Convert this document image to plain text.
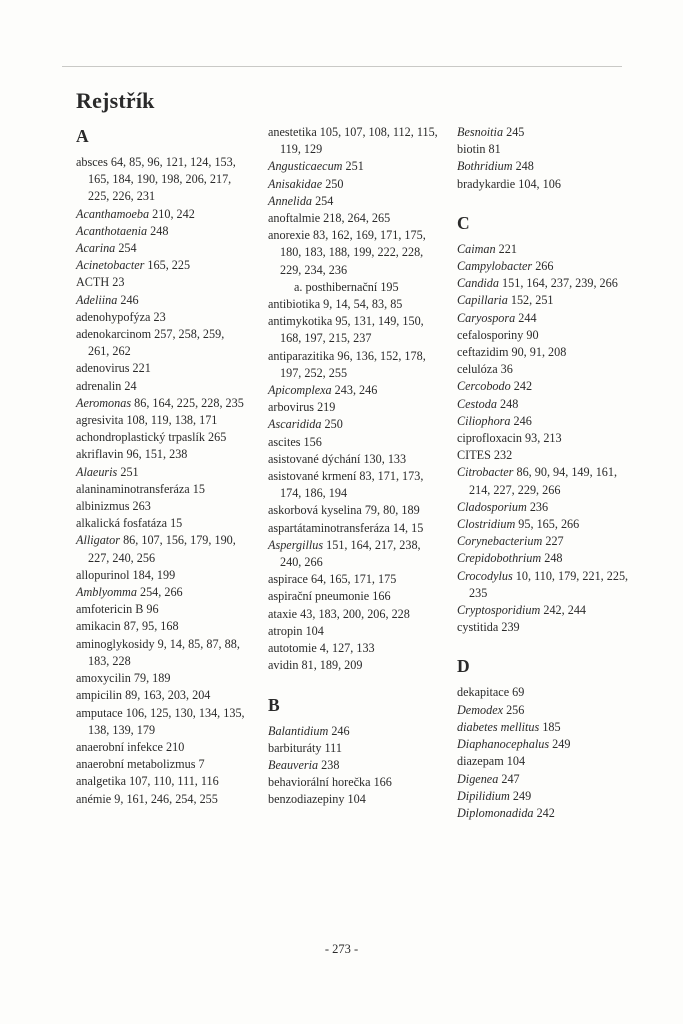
Rejstřík
A
absces 64, 85, 96, 121, 124, 153, 165, 184, 190, 198, 206, 217, 225, 226, 231
Acanthamoeba 210, 242
Acanthotaenia 248
Acarina 254
Acinetobacter 165, 225
ACTH 23
Adeliina 246
adenohypofýza 23
adenokarcinom 257, 258, 259, 261, 262
adenovirus 221
adrenalin 24
Aeromonas 86, 164, 225, 228, 235
agresivita 108, 119, 138, 171
achondroplastický trpaslík 265
akriflavin 96, 151, 238
Alaeuris 251
alaninaminotransferáza 15
albinizmus 263
alkalická fosfatáza 15
Alligator 86, 107, 156, 179, 190, 227, 240, 256
allopurinol 184, 199
Amblyomma 254, 266
amfotericin B 96
amikacin 87, 95, 168
aminoglykosidy 9, 14, 85, 87, 88, 183, 228
amoxycilin 79, 189
ampicilin 89, 163, 203, 204
amputace 106, 125, 130, 134, 135, 138, 139, 179
anaerobní infekce 210
anaerobní metabolizmus 7
analgetika 107, 110, 111, 116
anémie 9, 161, 246, 254, 255
anestetika 105, 107, 108, 112, 115, 119, 129
Angusticaecum 251
Anisakidae 250
Annelida 254
anoftalmie 218, 264, 265
anorexie 83, 162, 169, 171, 175, 180, 183, 188, 199, 222, 228, 229, 234, 236
a. posthibernační 195
antibiotika 9, 14, 54, 83, 85
antimykotika 95, 131, 149, 150, 168, 197, 215, 237
antiparazitika 96, 136, 152, 178, 197, 252, 255
Apicomplexa 243, 246
arbovirus 219
Ascaridida 250
ascites 156
asistované dýchání 130, 133
asistované krmení 83, 171, 173, 174, 186, 194
askorbová kyselina 79, 80, 189
aspartátaminotransferáza 14, 15
Aspergillus 151, 164, 217, 238, 240, 266
aspirace 64, 165, 171, 175
aspirační pneumonie 166
ataxie 43, 183, 200, 206, 228
atropin 104
autotomie 4, 127, 133
avidin 81, 189, 209
B
Balantidium 246
barbituráty 111
Beauveria 238
behaviorální horečka 166
benzodiazepiny 104
Besnoitia 245
biotin 81
Bothridium 248
bradykardie 104, 106
C
Caiman 221
Campylobacter 266
Candida 151, 164, 237, 239, 266
Capillaria 152, 251
Caryospora 244
cefalosporiny 90
ceftazidim 90, 91, 208
celulóza 36
Cercobodo 242
Cestoda 248
Ciliophora 246
ciprofloxacin 93, 213
CITES 232
Citrobacter 86, 90, 94, 149, 161, 214, 227, 229, 266
Cladosporium 236
Clostridium 95, 165, 266
Corynebacterium 227
Crepidobothrium 248
Crocodylus 10, 110, 179, 221, 225, 235
Cryptosporidium 242, 244
cystitida 239
D
dekapitace 69
Demodex 256
diabetes mellitus 185
Diaphanocephalus 249
diazepam 104
Digenea 247
Dipilidium 249
Diplomonadida 242
- 273 -
